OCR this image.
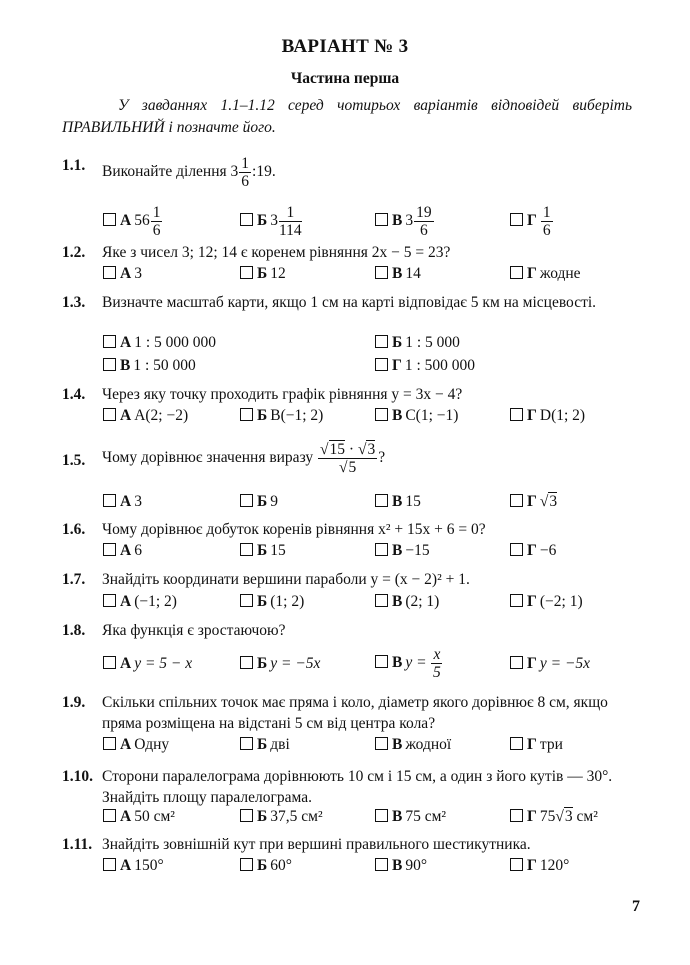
ВАРІАНТ № 3
Частина перша
У завданнях 1.1–1.12 серед чотирьох варіантів відповідей виберіть ПРАВИЛЬНИЙ і позначте його.
1.1. Виконайте ділення $3 \frac{1}{6}$ :19.
А $56 \frac{1}{6}$	Б $3 \frac{1}{114}$	В $3 \frac{19}{6}$	Г $\frac{1}{6}$
1.2. Яке з чисел 3; 12; 14 є коренем рівняння 2x − 5 = 23?
А 3	Б 12	В 14	Г жодне
1.3. Визначте масштаб карти, якщо 1 см на карті відповідає 5 км на місцевості.
А 1 : 5 000 000	Б 1 : 5 000
В 1 : 50 000	Г 1 : 500 000
1.4. Через яку точку проходить графік рівняння y = 3x − 4?
А A(2; −2)	Б B(−1; 2)	В C(1; −1)	Г D(1; 2)
1.5. Чому дорівнює значення виразу $\frac{√15 \cdot √3}{√5}$ ?
А 3	Б 9	В 15	Г √3
1.6. Чому дорівнює добуток коренів рівняння x² + 15x + 6 = 0?
А 6	Б 15	В −15	Г −6
1.7. Знайдіть координати вершини параболи y = (x − 2)² + 1.
А (−1; 2)	Б (1; 2)	В (2; 1)	Г (−2; 1)
1.8. Яка функція є зростаючою?
А y = 5 − x	Б y = −5x	В $y = \frac{x}{5}$	Г y = −5x
1.9. Скільки спільних точок має пряма і коло, діаметр якого дорівнює 8 см, якщо пряма розміщена на відстані 5 см від центра кола?
А Одну	Б дві	В жодної	Г три
1.10. Сторони паралелограма дорівнюють 10 см і 15 см, а один з його кутів — 30°. Знайдіть площу паралелограма.
А 50 см²	Б 37,5 см²	В 75 см²	Г 75√3 см²
1.11. Знайдіть зовнішній кут при вершині правильного шестикутника.
А 150°	Б 60°	В 90°	Г 120°
7
